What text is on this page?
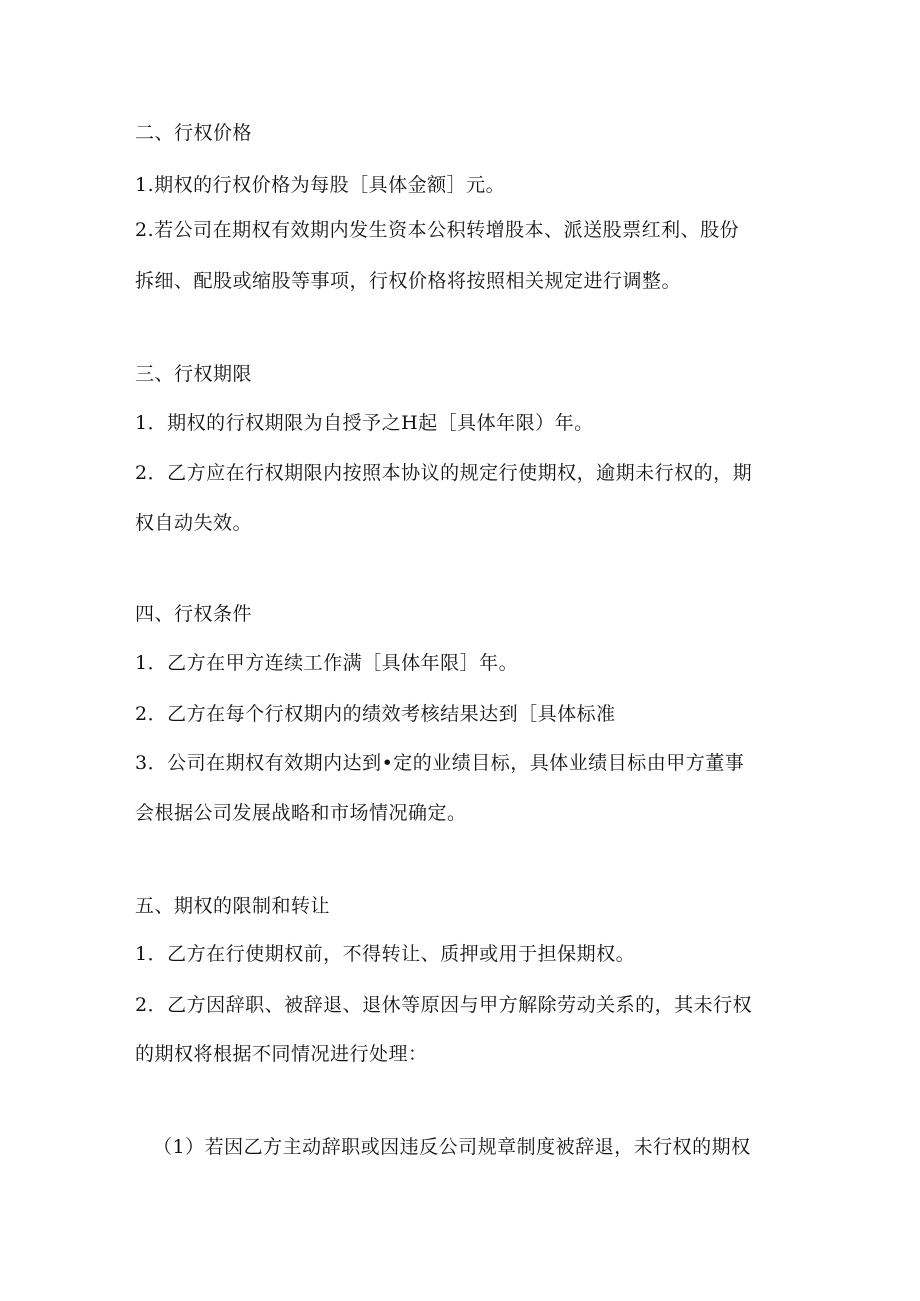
二、行权价格
1.期权的行权价格为每股［具体金额］元。
2.若公司在期权有效期内发生资本公积转增股本、派送股票红利、股份
拆细、配股或缩股等事项，行权价格将按照相关规定进行调整。
三、行权期限
1．期权的行权期限为自授予之H起［具体年限）年。
2．乙方应在行权期限内按照本协议的规定行使期权，逾期未行权的，期
权自动失效。
四、行权条件
1．乙方在甲方连续工作满［具体年限］年。
2．乙方在每个行权期内的绩效考核结果达到［具体标准
3．公司在期权有效期内达到•定的业绩目标，具体业绩目标由甲方董事
会根据公司发展战略和市场情况确定。
五、期权的限制和转让
1．乙方在行使期权前，不得转让、质押或用于担保期权。
2．乙方因辞职、被辞退、退休等原因与甲方解除劳动关系的，其未行权
的期权将根据不同情况进行处理：
（1）若因乙方主动辞职或因违反公司规章制度被辞退，未行权的期权
